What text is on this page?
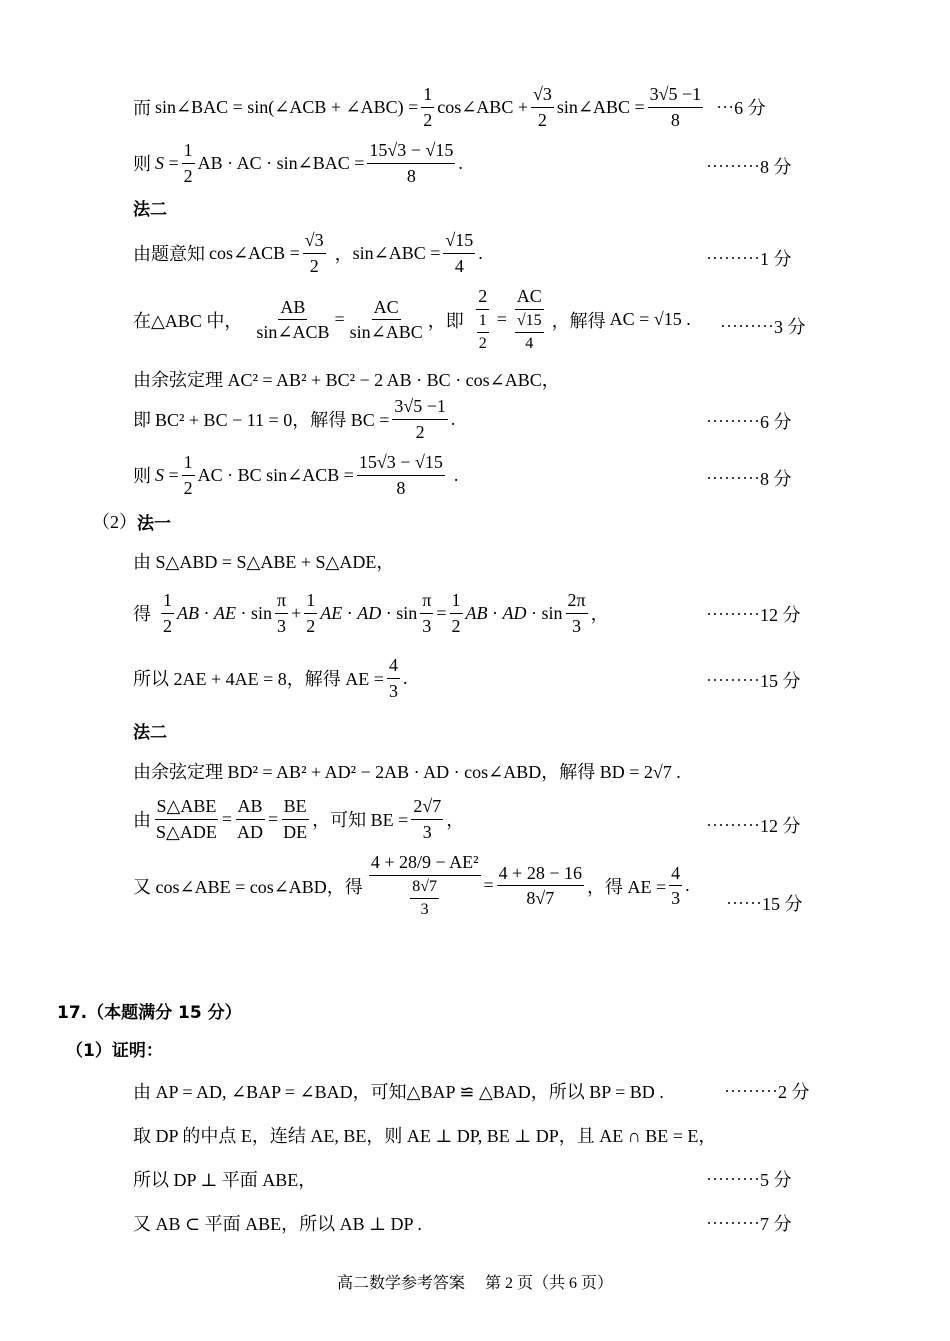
而 sin∠BAC = sin(∠ACB + ∠ABC) = $\frac{1}{2}$ cos∠ABC + $\frac{√3}{2}$ sin∠ABC = $\frac{3√5 -1}{8}$ ⋯6 分
则 $S = \frac{1}{2}$ AB · AC · sin∠BAC = $\frac{15√3 - √15}{8}$ .	⋯⋯⋯8 分
法二
由题意知 cos∠ACB = $\frac{√3}{2}$ ， sin∠ABC = $\frac{√15}{4}$ .	⋯⋯⋯1 分
在△ABC 中， $\frac{AB}{\text{sin∠ACB}} = \frac{AC}{\text{sin∠ABC}}$ ， 即 $\frac{2}{\frac{1}{2}} = \frac{AC}{\frac{√15}{4}}$ ， 解得 AC = √15 . ⋯⋯⋯3 分
由余弦定理 AC² = AB² + BC² − 2 AB · BC · cos∠ABC，
即 BC² + BC − 11 = 0，解得 BC = $\frac{3√5 -1}{2}$ .	⋯⋯⋯6 分
则 $S = \frac{1}{2}$ AC · BC sin∠ACB = $\frac{15√3 - √15}{8}$ .	⋯⋯⋯8 分
（2） 法一
由 S△ABD = S△ABE + S△ADE，
得 $\frac{1}{2}$ AB · AE · $\sin \frac{\pi}{3} + \frac{1}{2}$ AE · AD · $\sin \frac{\pi}{3} = \frac{1}{2}$ AB · AD · $\sin \frac{2\pi}{3}$ ，	⋯⋯⋯12 分
所以 2AE + 4AE = 8，解得 AE = $\frac{4}{3}$ .	⋯⋯⋯15 分
法二
由余弦定理 BD² = AB² + AD² − 2AB · AD · cos∠ABD，解得 BD = 2√7 .
由 $\frac{\text{S△ABE}}{\text{S△ADE}} = \frac{AB}{AD} = \frac{BE}{DE}$ ， 可知 BE = $\frac{2√7}{3}$ ，	⋯⋯⋯12 分
又 cos∠ABE = cos∠ABD，得 $\frac{\text{4 + 28/9 − AE²}}{\frac{8√7}{3}} = \frac{4 + 28 - 16}{8√7}$ ， 得 AE = $\frac{4}{3}$ .
⋯⋯15 分
17.（本题满分 15 分）
（1）证明：
由 AP = AD, ∠BAP = ∠BAD，可知△BAP ≌ △BAD，所以 BP = BD .	⋯⋯⋯2 分
取 DP 的中点 E，连结 AE, BE，则 AE ⊥ DP, BE ⊥ DP，且 AE ∩ BE = E，
所以 DP ⊥ 平面 ABE，	⋯⋯⋯5 分
又 AB ⊂ 平面 ABE，所以 AB ⊥ DP .	⋯⋯⋯7 分
高二数学参考答案　 第 2 页（共 6 页）
